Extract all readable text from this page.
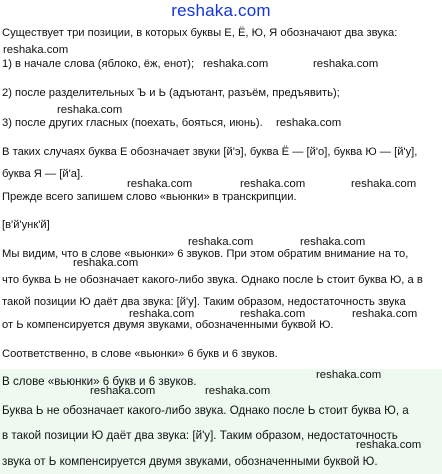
reshaka.com
Существует три позиции, в которых буквы Е, Ё, Ю, Я обозначают два звука:
reshaka.com
1) в начале слова (яблоко, ёж, енот); reshaka.com	reshaka.com
2) после разделительных Ъ и Ь (адъютант, разъём, предъявить);
reshaka.com
3) после других гласных (поехать, бояться, июнь). reshaka.com
В таких случаях буква Е обозначает звуки [й'э], буква Ё — [й'о], буква Ю — [й'у],
буква Я — [й'а].
reshaka.com	reshaka.com	reshaka.com
Прежде всего запишем слово «вьюнки» в транскрипции.
[в'й'унк'й]
reshaka.com	reshaka.com
Мы видим, что в слове «вьюнки» 6 звуков. При этом обратим внимание на то,
reshaka.com
что буква Ь не обозначает какого-либо звука. Однако после Ь стоит буква Ю, а в
такой позиции Ю даёт два звука: [й'у]. Таким образом, недостаточность звука
reshaka.com	reshaka.com	reshaka.com
от Ь компенсируется двумя звуками, обозначенными буквой Ю.
Соответственно, в слове «вьюнки» 6 букв и 6 звуков.
В слове «вьюнки» 6 букв и 6 звуков.	reshaka.com
reshaka.com	reshaka.com
Буква Ь не обозначает какого-либо звука. Однако после Ь стоит буква Ю, а
в такой позиции Ю даёт два звука: [й'у]. Таким образом, недостаточность
reshaka.com
звука от Ь компенсируется двумя звуками, обозначенными буквой Ю.
